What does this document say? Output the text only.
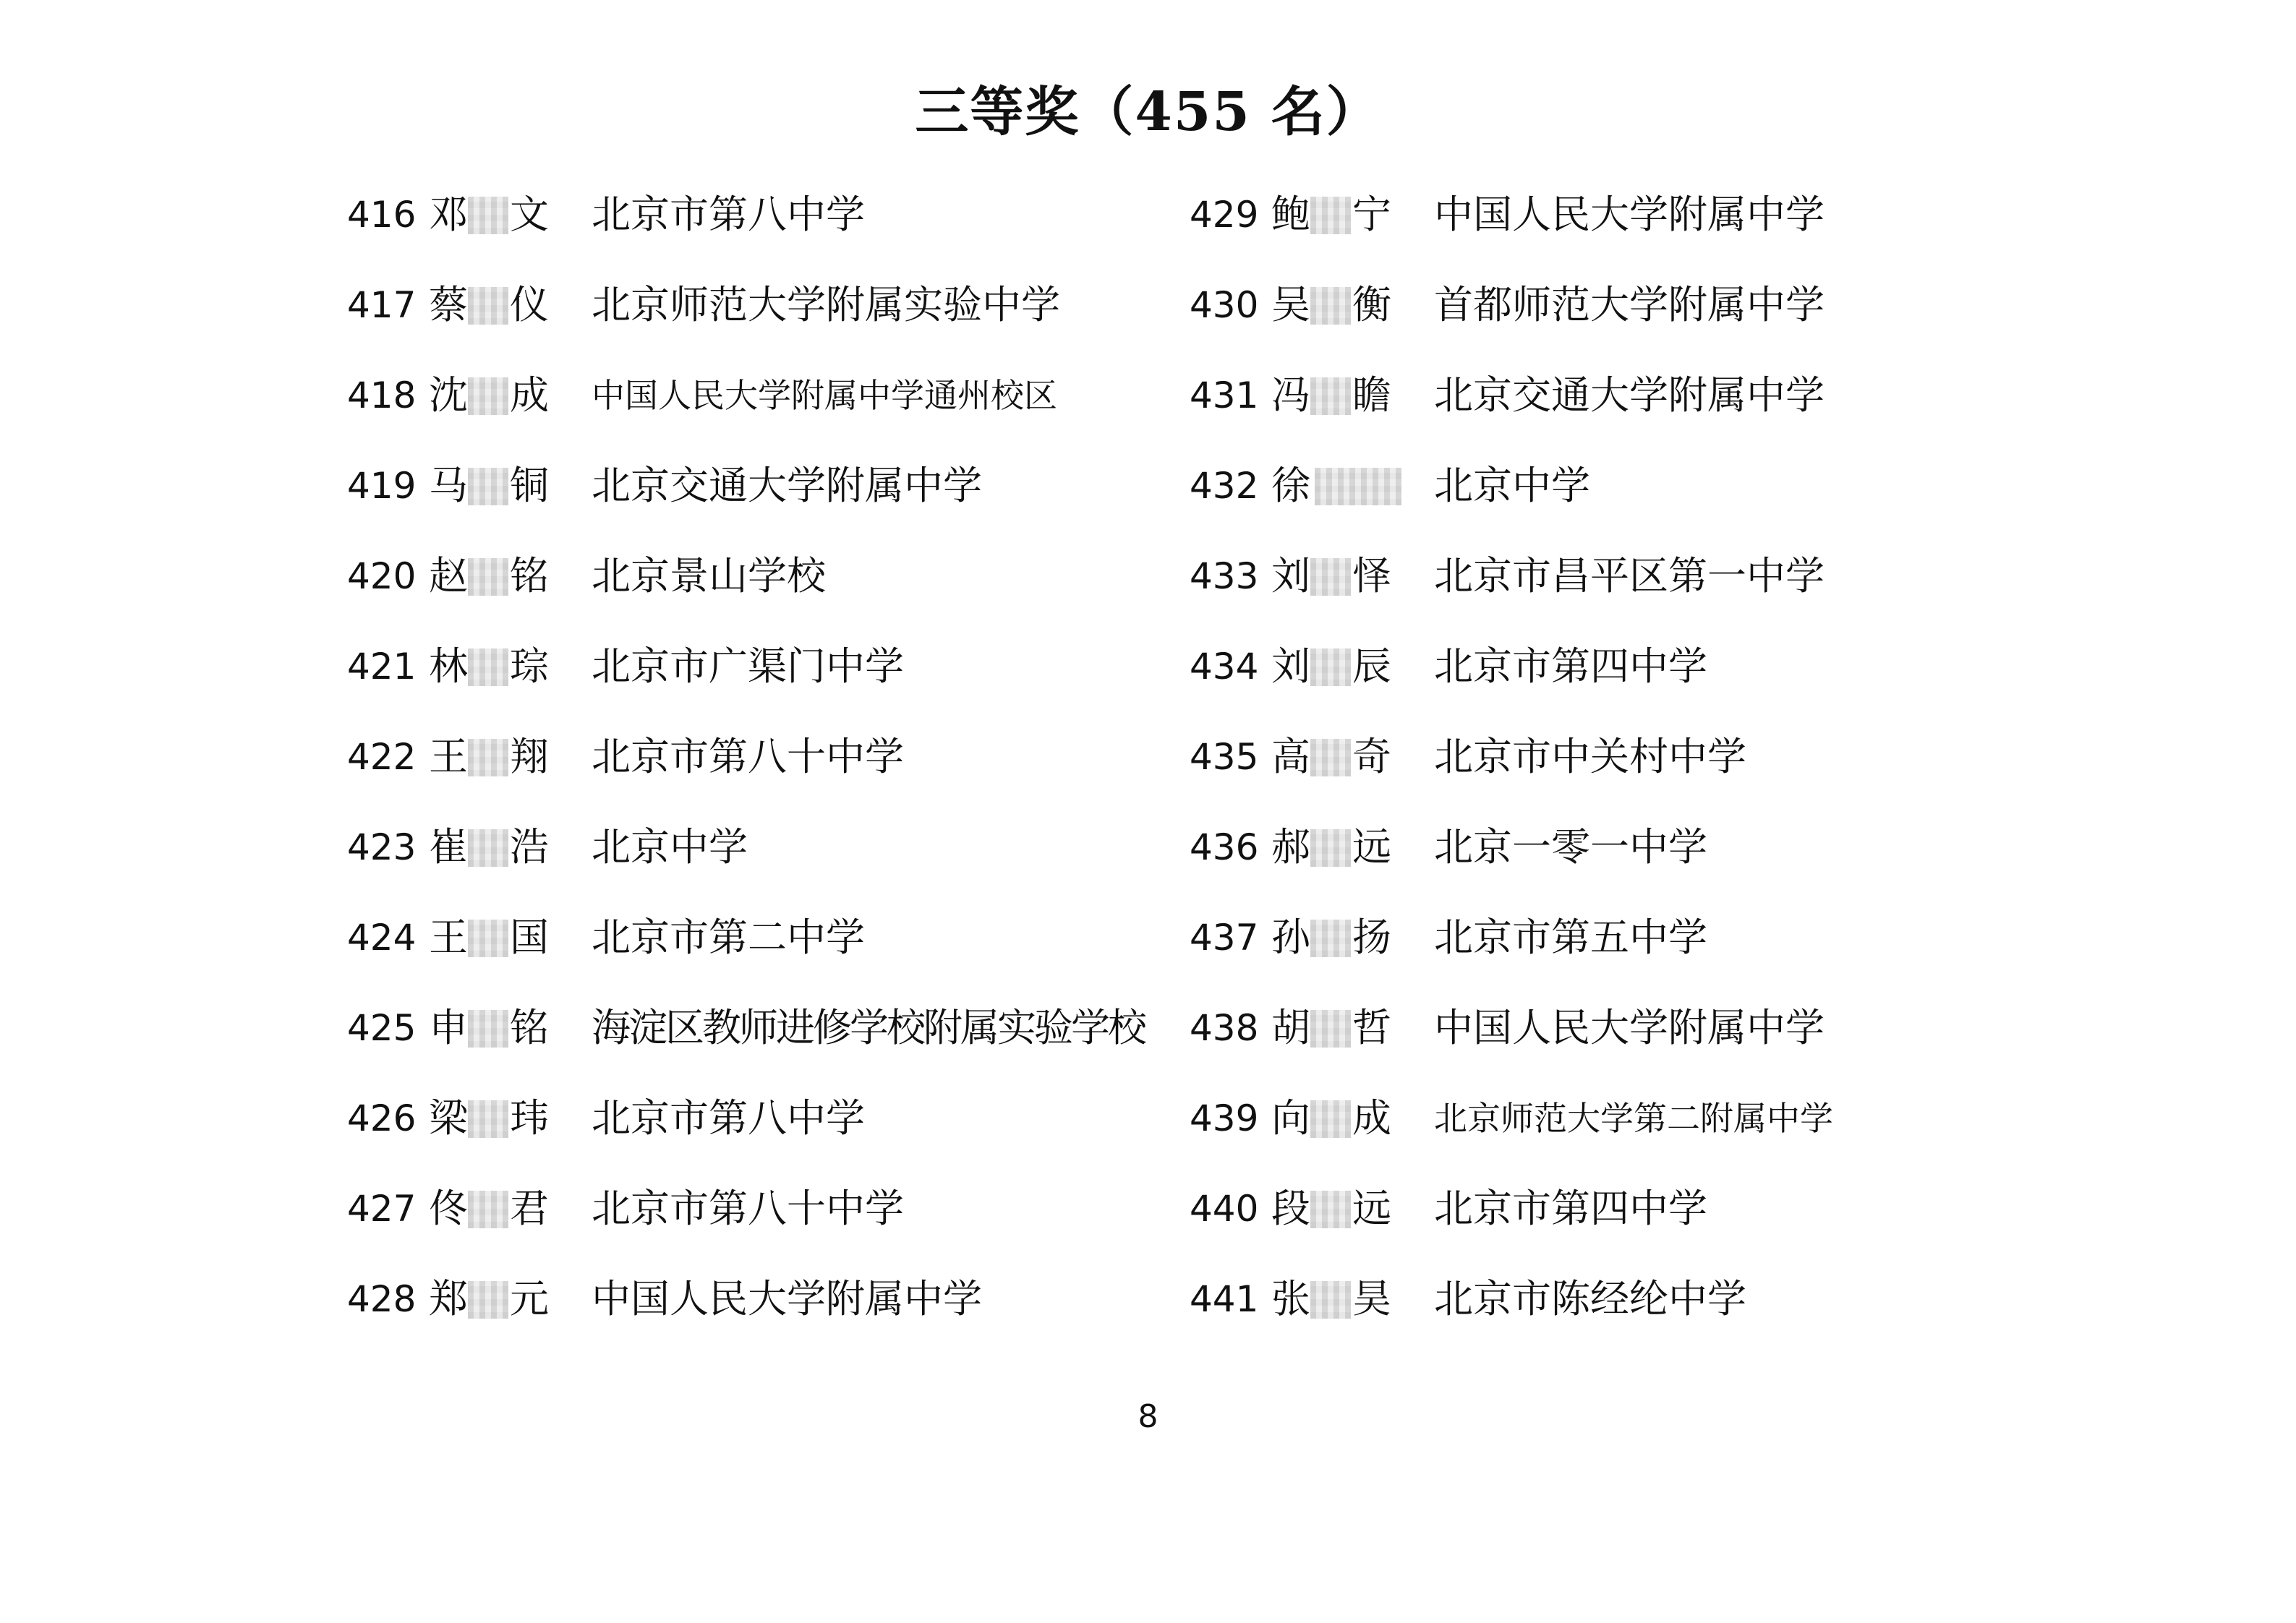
三等奖（455 名）
416 邓 文 北京市第八中学
417 蔡 仪 北京师范大学附属实验中学
418 沈 成 中国人民大学附属中学通州校区
419 马 铜 北京交通大学附属中学
420 赵 铭 北京景山学校
421 林 琮 北京市广渠门中学
422 王 翔 北京市第八十中学
423 崔 浩 北京中学
424 王 国 北京市第二中学
425 申 铭 海淀区教师进修学校附属实验学校
426 梁 玮 北京市第八中学
427 佟 君 北京市第八十中学
428 郑 元 中国人民大学附属中学
429 鲍 宁 中国人民大学附属中学
430 吴 衡 首都师范大学附属中学
431 冯 瞻 北京交通大学附属中学
432 徐	北京中学
433 刘 怿 北京市昌平区第一中学
434 刘 辰 北京市第四中学
435 高 奇 北京市中关村中学
436 郝 远 北京一零一中学
437 孙 扬 北京市第五中学
438 胡 哲 中国人民大学附属中学
439 向 成 北京师范大学第二附属中学
440 段 远 北京市第四中学
441 张 昊 北京市陈经纶中学
8
